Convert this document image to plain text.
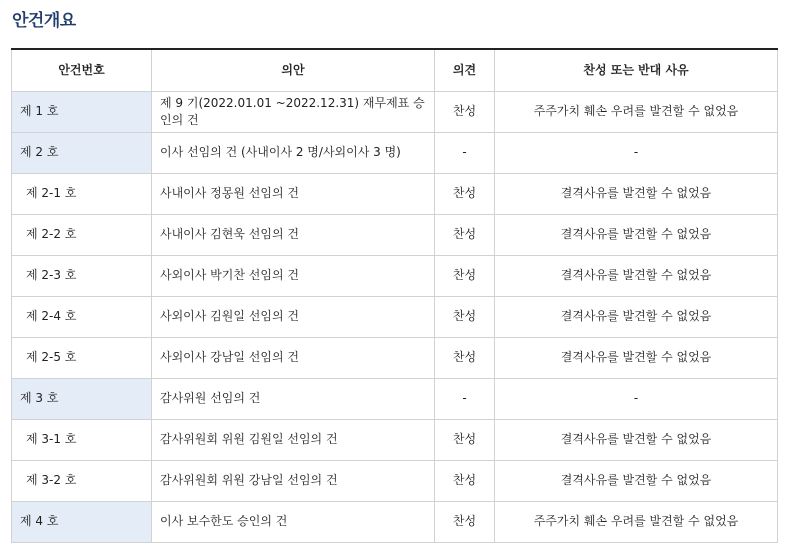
안건개요
안건번호	의안	의견	찬성 또는 반대 사유
제 1 호	제 9 기(2022.01.01 ~2022.12.31) 재무제표 승인의 건	찬성	주주가치 훼손 우려를 발견할 수 없었음
제 2 호	이사 선임의 건 (사내이사 2 명/사외이사 3 명)	-	-
제 2-1 호	사내이사 정몽원 선임의 건	찬성	결격사유를 발견할 수 없었음
제 2-2 호	사내이사 김현욱 선임의 건	찬성	결격사유를 발견할 수 없었음
제 2-3 호	사외이사 박기찬 선임의 건	찬성	결격사유를 발견할 수 없었음
제 2-4 호	사외이사 김원일 선임의 건	찬성	결격사유를 발견할 수 없었음
제 2-5 호	사외이사 강남일 선임의 건	찬성	결격사유를 발견할 수 없었음
제 3 호	감사위원 선임의 건	-	-
제 3-1 호	감사위원회 위원 김원일 선임의 건	찬성	결격사유를 발견할 수 없었음
제 3-2 호	감사위원회 위원 강남일 선임의 건	찬성	결격사유를 발견할 수 없었음
제 4 호	이사 보수한도 승인의 건	찬성	주주가치 훼손 우려를 발견할 수 없었음
